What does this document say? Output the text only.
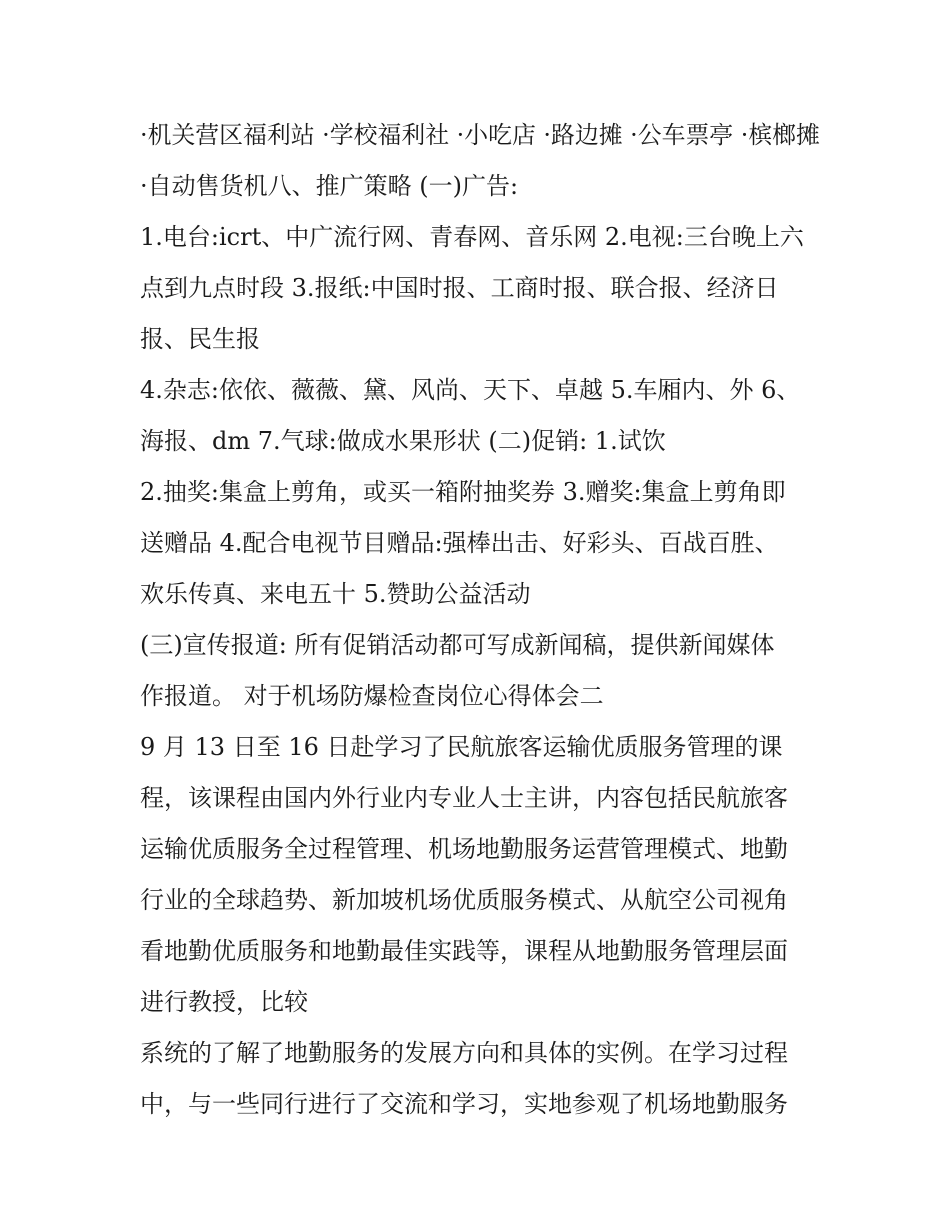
·机关营区福利站 ·学校福利社 ·小吃店 ·路边摊 ·公车票亭 ·槟榔摊
·自动售货机八、推广策略 (一)广告:
1.电台:icrt、中广流行网、青春网、音乐网 2.电视:三台晚上六
点到九点时段 3.报纸:中国时报、工商时报、联合报、经济日
报、民生报
4.杂志:依依、薇薇、黛、风尚、天下、卓越 5.车厢内、外 6、
海报、dm 7.气球:做成水果形状 (二)促销: 1.试饮
2.抽奖:集盒上剪角，或买一箱附抽奖券 3.赠奖:集盒上剪角即
送赠品 4.配合电视节目赠品:强棒出击、好彩头、百战百胜、
欢乐传真、来电五十 5.赞助公益活动
(三)宣传报道: 所有促销活动都可写成新闻稿，提供新闻媒体
作报道。 对于机场防爆检查岗位心得体会二
9 月 13 日至 16 日赴学习了民航旅客运输优质服务管理的课
程，该课程由国内外行业内专业人士主讲，内容包括民航旅客
运输优质服务全过程管理、机场地勤服务运营管理模式、地勤
行业的全球趋势、新加坡机场优质服务模式、从航空公司视角
看地勤优质服务和地勤最佳实践等，课程从地勤服务管理层面
进行教授，比较
系统的了解了地勤服务的发展方向和具体的实例。在学习过程
中，与一些同行进行了交流和学习，实地参观了机场地勤服务
